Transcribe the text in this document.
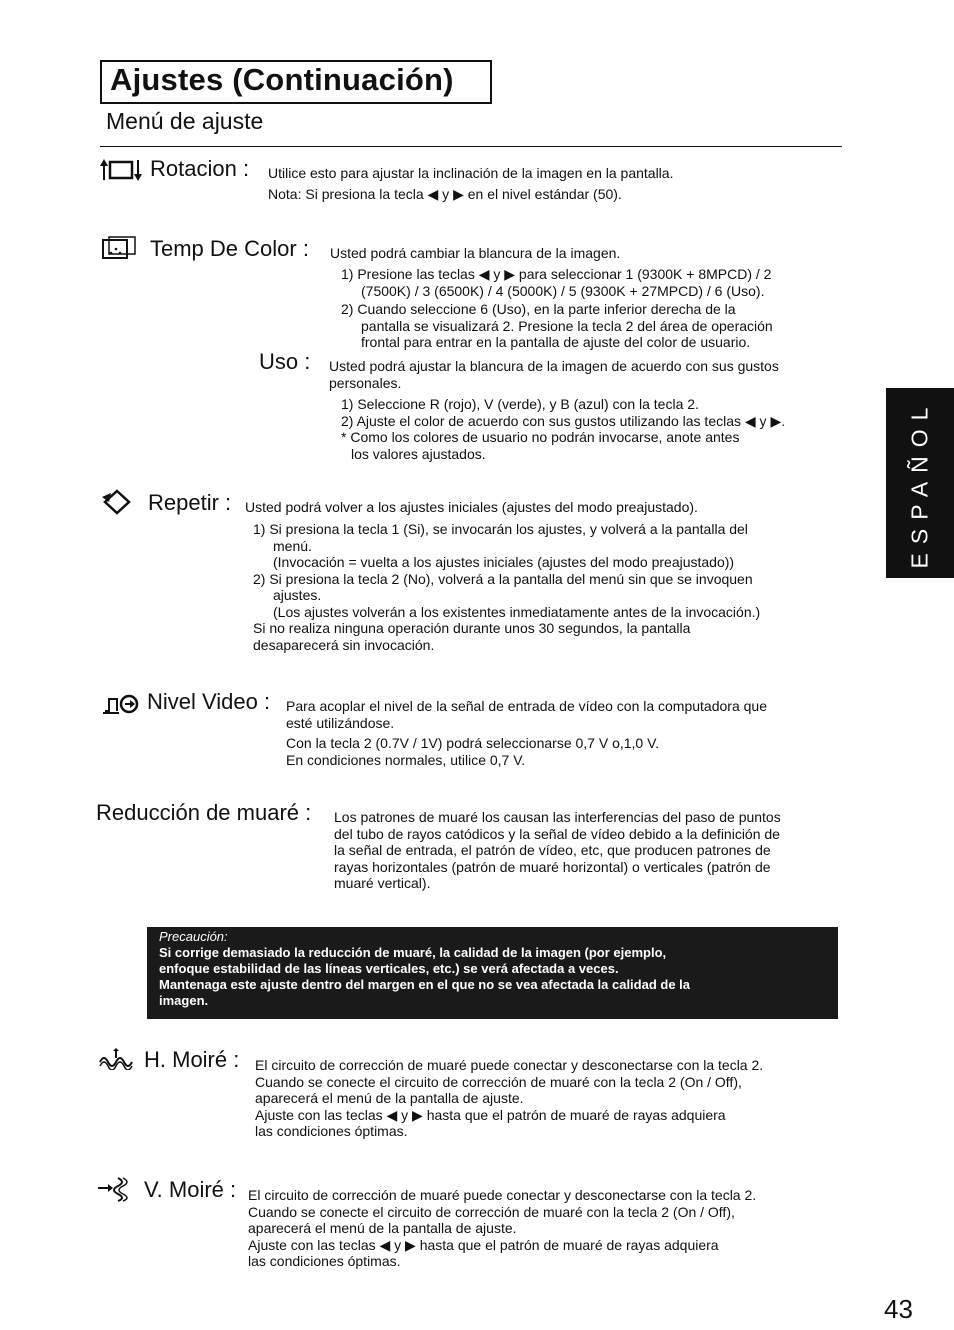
Ajustes (Continuación)
Menú de ajuste
ESPAÑOL
Rotacion : Utilice esto para ajustar la inclinación de la imagen en la pantalla.
Nota: Si presiona la tecla ◀ y ▶ en el nivel estándar (50).
Temp De Color : Usted podrá cambiar la blancura de la imagen.
1) Presione las teclas ◀ y ▶ para seleccionar 1 (9300K + 8MPCD) / 2
(7500K) / 3 (6500K) / 4 (5000K) / 5 (9300K + 27MPCD) / 6 (Uso).
2) Cuando seleccione 6 (Uso), en la parte inferior derecha de la
pantalla se visualizará 2. Presione la tecla 2 del área de operación
frontal para entrar en la pantalla de ajuste del color de usuario.
Uso : Usted podrá ajustar la blancura de la imagen de acuerdo con sus gustos
personales.
1) Seleccione R (rojo), V (verde), y B (azul) con la tecla 2.
2) Ajuste el color de acuerdo con sus gustos utilizando las teclas ◀ y ▶.
* Como los colores de usuario no podrán invocarse, anote antes
los valores ajustados.
Repetir : Usted podrá volver a los ajustes iniciales (ajustes del modo preajustado).
1) Si presiona la tecla 1 (Si), se invocarán los ajustes, y volverá a la pantalla del
menú.
(Invocación = vuelta a los ajustes iniciales (ajustes del modo preajustado))
2) Si presiona la tecla 2 (No), volverá a la pantalla del menú sin que se invoquen
ajustes.
(Los ajustes volverán a los existentes inmediatamente antes de la invocación.)
Si no realiza ninguna operación durante unos 30 segundos, la pantalla
desaparecerá sin invocación.
Nivel Video : Para acoplar el nivel de la señal de entrada de vídeo con la computadora que
esté utilizándose.
Con la tecla 2 (0.7V / 1V) podrá seleccionarse 0,7 V o,1,0 V.
En condiciones normales, utilice 0,7 V.
Reducción de muaré : Los patrones de muaré los causan las interferencias del paso de puntos
del tubo de rayos catódicos y la señal de vídeo debido a la definición de
la señal de entrada, el patrón de vídeo, etc, que producen patrones de
rayas horizontales (patrón de muaré horizontal) o verticales (patrón de
muaré vertical).
Precaución:
Si corrige demasiado la reducción de muaré, la calidad de la imagen (por ejemplo,
enfoque estabilidad de las líneas verticales, etc.) se verá afectada a veces.
Mantenaga este ajuste dentro del margen en el que no se vea afectada la calidad de la
imagen.
H. Moiré : El circuito de corrección de muaré puede conectar y desconectarse con la tecla 2.
Cuando se conecte el circuito de corrección de muaré con la tecla 2 (On / Off),
aparecerá el menú de la pantalla de ajuste.
Ajuste con las teclas ◀ y ▶ hasta que el patrón de muaré de rayas adquiera
las condiciones óptimas.
V. Moiré : El circuito de corrección de muaré puede conectar y desconectarse con la tecla 2.
Cuando se conecte el circuito de corrección de muaré con la tecla 2 (On / Off),
aparecerá el menú de la pantalla de ajuste.
Ajuste con las teclas ◀ y ▶ hasta que el patrón de muaré de rayas adquiera
las condiciones óptimas.
43
